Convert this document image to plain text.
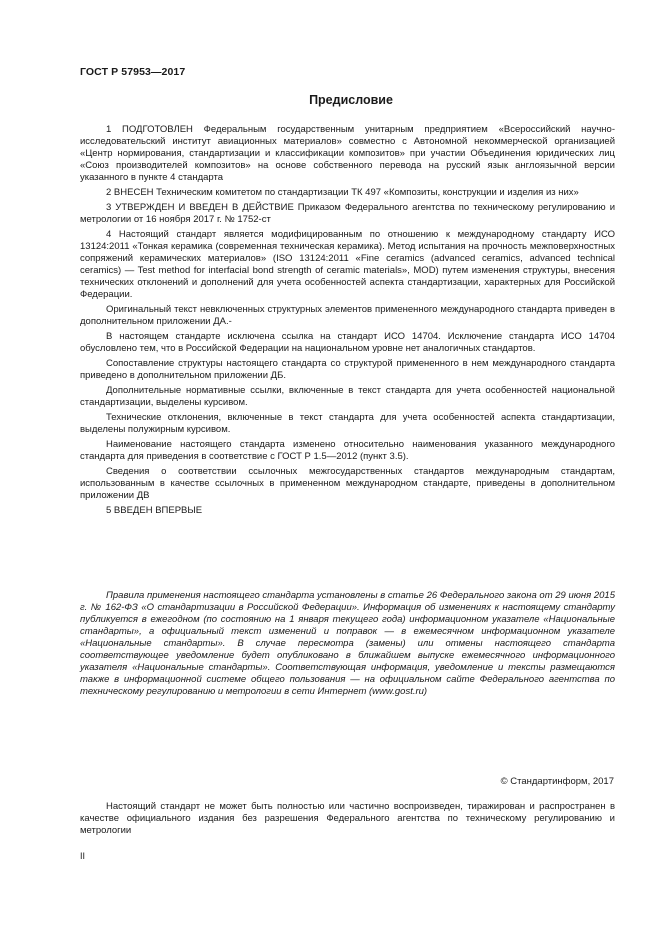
ГОСТ Р 57953—2017
Предисловие

1 ПОДГОТОВЛЕН Федеральным государственным унитарным предприятием «Всероссийский научно-исследовательский институт авиационных материалов» совместно с Автономной некоммерческой организацией «Центр нормирования, стандартизации и классификации композитов» при участии Объединения юридических лиц «Союз производителей композитов» на основе собственного перевода на русский язык англоязычной версии указанного в пункте 4 стандарта

2 ВНЕСЕН Техническим комитетом по стандартизации ТК 497 «Композиты, конструкции и изделия из них»

3 УТВЕРЖДЕН И ВВЕДЕН В ДЕЙСТВИЕ Приказом Федерального агентства по техническому регулированию и метрологии от 16 ноября 2017 г. № 1752-ст

4 Настоящий стандарт является модифицированным по отношению к международному стандарту ИСО 13124:2011 «Тонкая керамика (современная техническая керамика). Метод испытания на прочность межповерхностных сопряжений керамических материалов» (ISO 13124:2011 «Fine ceramics (advanced ceramics, advanced technical ceramics) — Test method for interfacial bond strength of ceramic materials», MOD) путем изменения структуры, внесения технических отклонений и дополнений для учета особенностей аспекта стандартизации, характерных для Российской Федерации.

Оригинальный текст невключенных структурных элементов примененного международного стандарта приведен в дополнительном приложении ДА.-

В настоящем стандарте исключена ссылка на стандарт ИСО 14704. Исключение стандарта ИСО 14704 обусловлено тем, что в Российской Федерации на национальном уровне нет аналогичных стандартов.

Сопоставление структуры настоящего стандарта со структурой примененного в нем международного стандарта приведено в дополнительном приложении ДБ.

Дополнительные нормативные ссылки, включенные в текст стандарта для учета особенностей национальной стандартизации, выделены курсивом.

Технические отклонения, включенные в текст стандарта для учета особенностей аспекта стандартизации, выделены полужирным курсивом.

Наименование настоящего стандарта изменено относительно наименования указанного международного стандарта для приведения в соответствие с ГОСТ Р 1.5—2012 (пункт 3.5).

Сведения о соответствии ссылочных межгосударственных стандартов международным стандартам, использованным в качестве ссылочных в примененном международном стандарте, приведены в дополнительном приложении ДВ

5 ВВЕДЕН ВПЕРВЫЕ

Правила применения настоящего стандарта установлены в статье 26 Федерального закона от 29 июня 2015 г. № 162-ФЗ «О стандартизации в Российской Федерации». Информация об изменениях к настоящему стандарту публикуется в ежегодном (по состоянию на 1 января текущего года) информационном указателе «Национальные стандарты», а официальный текст изменений и поправок — в ежемесячном информационном указателе «Национальные стандарты». В случае пересмотра (замены) или отмены настоящего стандарта соответствующее уведомление будет опубликовано в ближайшем выпуске ежемесячного информационного указателя «Национальные стандарты». Соответствующая информация, уведомление и тексты размещаются также в информационной системе общего пользования — на официальном сайте Федерального агентства по техническому регулированию и метрологии в сети Интернет (www.gost.ru)

© Стандартинформ, 2017

Настоящий стандарт не может быть полностью или частично воспроизведен, тиражирован и распространен в качестве официального издания без разрешения Федерального агентства по техническому регулированию и метрологии

II
